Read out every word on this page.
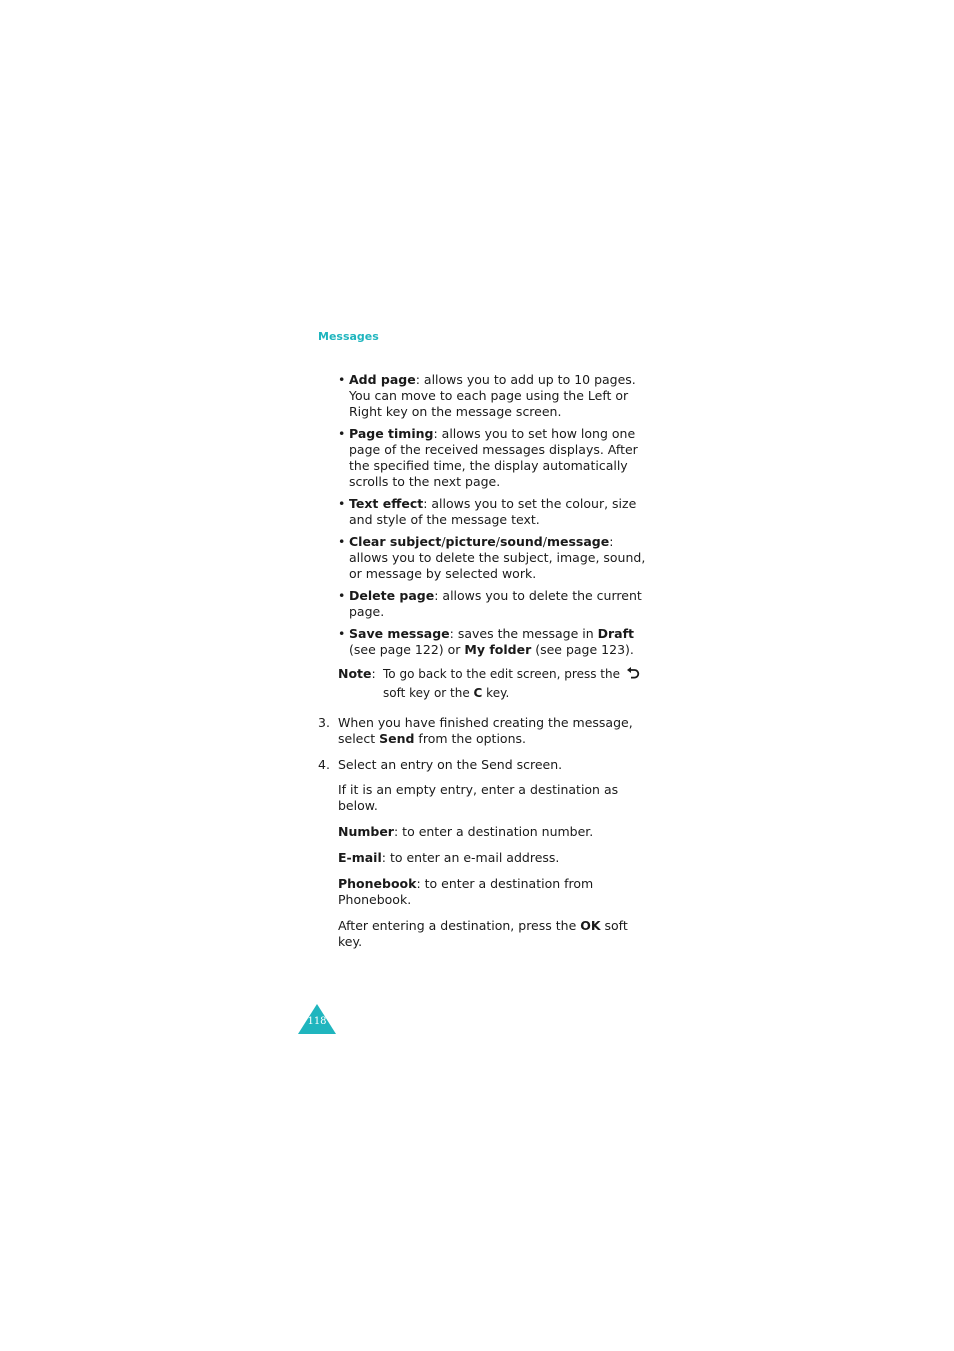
Messages
• Add page: allows you to add up to 10 pages. You can move to each page using the Left or Right key on the message screen.
• Page timing: allows you to set how long one page of the received messages displays. After the specified time, the display automatically scrolls to the next page.
• Text effect: allows you to set the colour, size and style of the message text.
• Clear subject/picture/sound/message: allows you to delete the subject, image, sound, or message by selected work.
• Delete page: allows you to delete the current page.
• Save message: saves the message in Draft (see page 122) or My folder (see page 123).
Note: To go back to the edit screen, press the  soft key or the C key.
3. When you have finished creating the message, select Send from the options.
4. Select an entry on the Send screen.
If it is an empty entry, enter a destination as below.
Number: to enter a destination number.
E-mail: to enter an e-mail address.
Phonebook: to enter a destination from Phonebook.
After entering a destination, press the OK soft key.
118
